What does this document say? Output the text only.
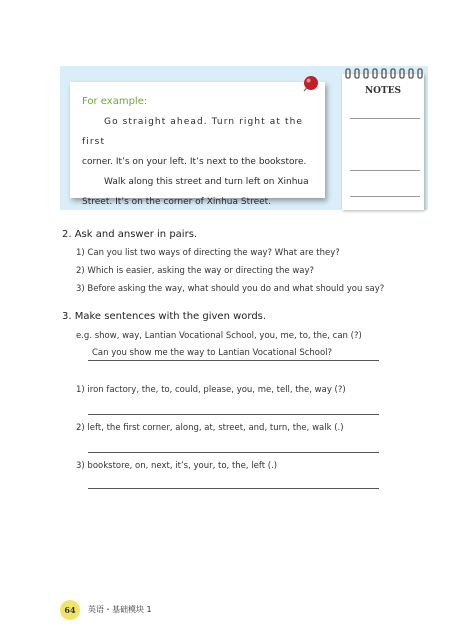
For example:

Go straight ahead. Turn right at the first

corner. It’s on your left. It’s next to the bookstore.

Walk along this street and turn left on Xinhua

Street. It’s on the corner of Xinhua Street.

NOTES
2. Ask and answer in pairs.
1) Can you list two ways of directing the way? What are they?
2) Which is easier, asking the way or directing the way?
3) Before asking the way, what should you do and what should you say?
3. Make sentences with the given words.
e.g. show, way, Lantian Vocational School, you, me, to, the, can (?)
Can you show me the way to Lantian Vocational School?
1) iron factory, the, to, could, please, you, me, tell, the, way (?)
2) left, the first corner, along, at, street, and, turn, the, walk (.)
3) bookstore, on, next, it’s, your, to, the, left (.)
64	英语・基础模块 1
